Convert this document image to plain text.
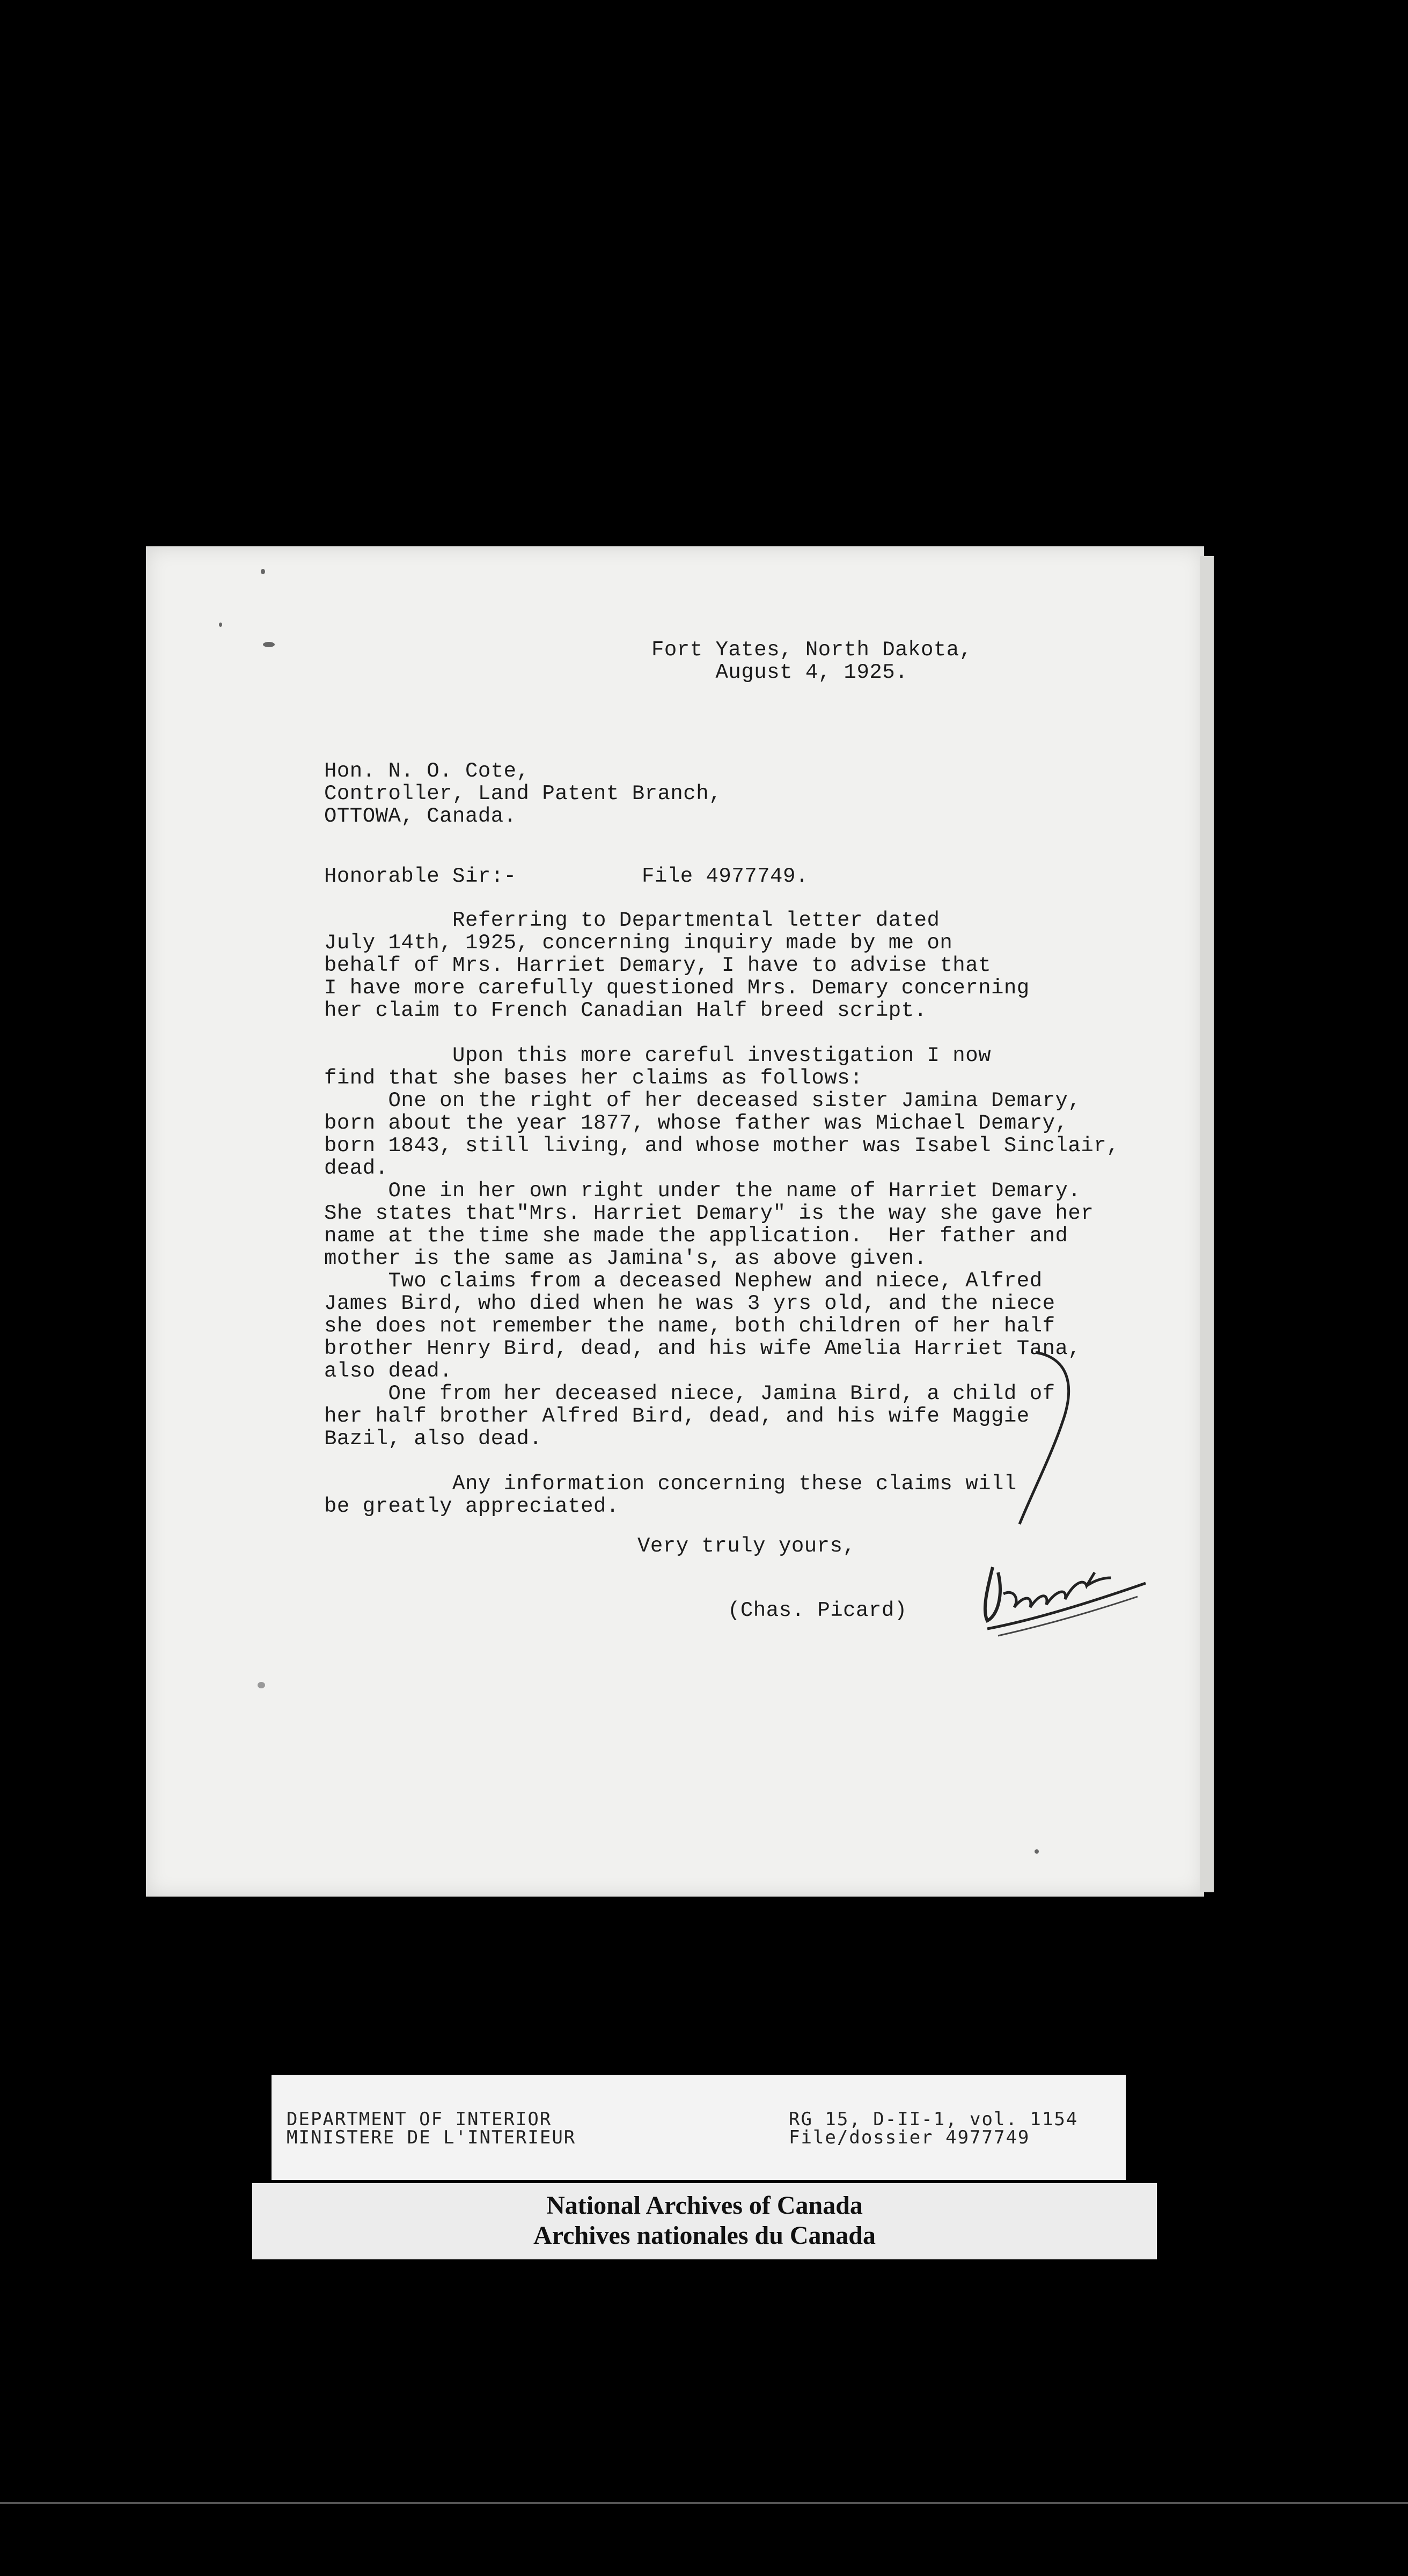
Fort Yates, North Dakota,
August 4, 1925.
Hon. N. O. Cote,
Controller, Land Patent Branch,
OTTOWA, Canada.
Honorable Sir:-	File 4977749.
Referring to Departmental letter dated
July 14th, 1925, concerning inquiry made by me on
behalf of Mrs. Harriet Demary, I have to advise that
I have more carefully questioned Mrs. Demary concerning
her claim to French Canadian Half breed script.
Upon this more careful investigation I now
find that she bases her claims as follows:
One on the right of her deceased sister Jamina Demary,
born about the year 1877, whose father was Michael Demary,
born 1843, still living, and whose mother was Isabel Sinclair,
dead.
One in her own right under the name of Harriet Demary.
She states that"Mrs. Harriet Demary" is the way she gave her
name at the time she made the application.  Her father and
mother is the same as Jamina's, as above given.
Two claims from a deceased Nephew and niece, Alfred
James Bird, who died when he was 3 yrs old, and the niece
she does not remember the name, both children of her half
brother Henry Bird, dead, and his wife Amelia Harriet Tana,
also dead.
One from her deceased niece, Jamina Bird, a child of
her half brother Alfred Bird, dead, and his wife Maggie
Bazil, also dead.
Any information concerning these claims will
be greatly appreciated.
Very truly yours,
(Chas. Picard)
DEPARTMENT OF INTERIOR
MINISTERE DE L'INTERIEUR
RG 15, D-II-1, vol. 1154
File/dossier 4977749
National Archives of Canada
Archives nationales du Canada
